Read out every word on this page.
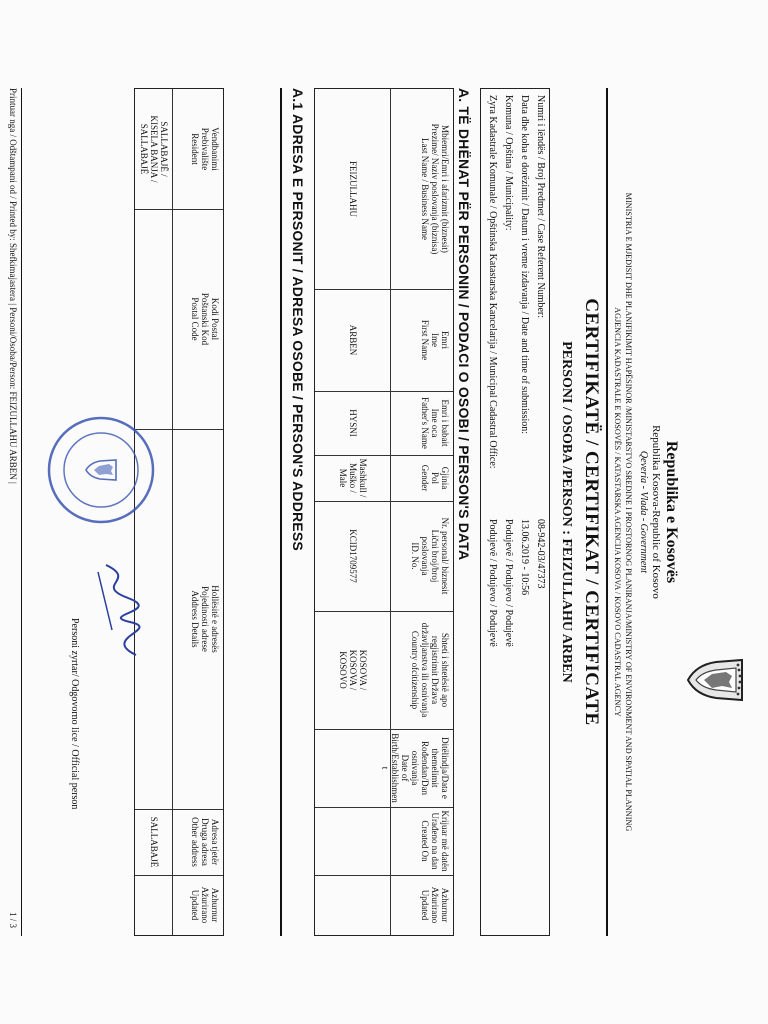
Republika e Kosovës
Republika Kosova-Republic of Kosovo
Qeveria - Vlada - Government
MINISTRIA E MJEDISIT DHE PLANIFIKIMIT HAPËSINOR /MINISTARSTVO SREDINE I PROSTORNOG PLANIRANJA/MINISTRY OF ENVIRONMENT AND SPATIAL PLANNING
AGJENCIA KADASTRALE E KOSOVËS / KATASTARSKA AGENCIJA KOSOVA / KOSOVO CADASTRAL AGENCY
CERTIFIKATË / CERTIFIKAT / CERTIFICATE
PERSONI / OSOBA /PERSON : FEIZULLAHU ARBEN
Numri i lëndës / Broj Predmet / Case Referent Number:
Data dhe koha e dorëzimit / Datum i vreme izdavanja / Date and time of submission:
Komuna / Opština / Municipality:
Zyra Kadastrale Komunale / Opštinska Katastarska Kancelarija / Municipal Cadastral Office:
08-942-03/47373
13.06.2019 - 10:56
Podujevë / Podujevo / Podujevë
Podujevë / Podujevo / Podujevë
A. TË DHËNAT PËR PERSONIN / PODACI O OSOBI / PERSON'S DATA
Mbiemri/Emri i afarizmit (biznesit)
Prezime/ Naziv poslovanja (biznisa)
Last Name / Business Name
Emri
Ime
First Name
Emri i babait
Ime oca
Father's Name
Gjinia
Pol
Gender
Nr. personal/ biznesit
Lični broj/broj
poslovanja
ID. No.
Shteti i shtetësië apo
regjistrimit Država
državljanstva ili osnivanja
Country ofcitizenship
Ditëlindja/Data e
themelimit
Rođendan/Dan
osnivanja
Date of
Birth/Establishmen
t
Krijuar më datën
Urađeno na dan
Created On
Azhurnur
Ažurirano
Updated
FEIZULLAHU
ARBEN
HYSNI
Mashkull /
Muško /
Male
KCID1709577
KOSOVA /
KOSOVA /
KOSOVO
A.1 ADRESA E PERSONIT / ADRESA OSOBE / PERSON'S ADDRESS
Vendbanimi
Prebivalište
Resident
Kodi Postal
Poštanski Kod
Postal Code
Hollësitë e adresës
Pojedinosti adrese
Address Details
Adresa tjetër
Druga adresa
Other address
Azhurnur
Ažurirano
Updated
SALLABAJË /
KISELA BANJA /
SALLABAJË
SALLABAJË
Personi zyrtar/ Odgovorno lice / Official person
Printuar nga / Odštampani od / Printed by: Shefkimajastera | Personi/Osoba/Person: FEIZULLAHU ARBEN |
1 / 3
